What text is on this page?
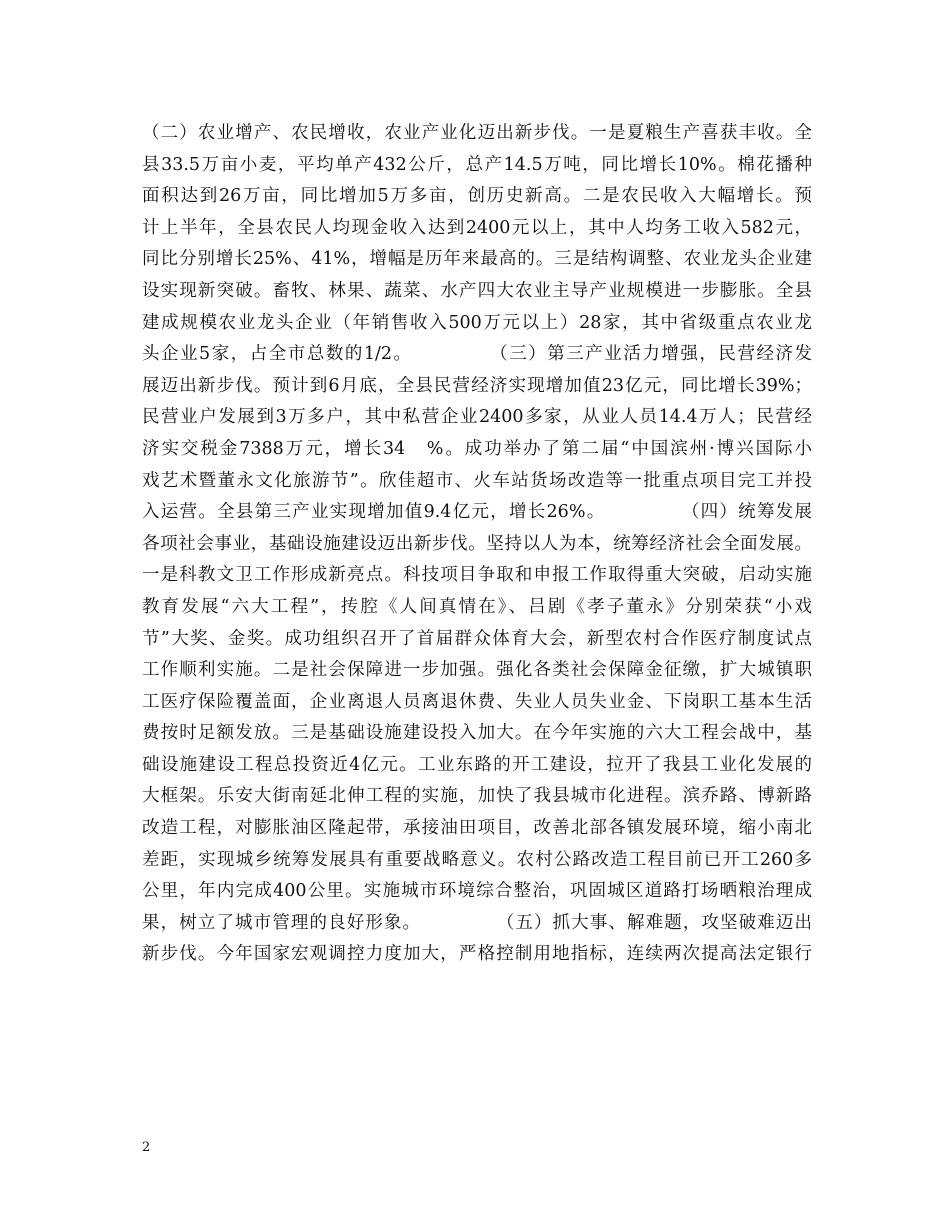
（二）农业增产、农民增收，农业产业化迈出新步伐。一是夏粮生产喜获丰收。全
县33.5万亩小麦，平均单产432公斤，总产14.5万吨，同比增长10%。棉花播种
面积达到26万亩，同比增加5万多亩，创历史新高。二是农民收入大幅增长。预
计上半年，全县农民人均现金收入达到2400元以上，其中人均务工收入582元，
同比分别增长25%、41%，增幅是历年来最高的。三是结构调整、农业龙头企业建
设实现新突破。畜牧、林果、蔬菜、水产四大农业主导产业规模进一步膨胀。全县
建成规模农业龙头企业（年销售收入500万元以上）28家，其中省级重点农业龙
头企业5家，占全市总数的1/2。　　　　　（三）第三产业活力增强，民营经济发
展迈出新步伐。预计到6月底，全县民营经济实现增加值23亿元，同比增长39%；
民营业户发展到3万多户，其中私营企业2400多家，从业人员14.4万人；民营经
济实交税金7388万元，增长34　%。成功举办了第二届“中国滨州·博兴国际小
戏艺术暨董永文化旅游节”。欣佳超市、火车站货场改造等一批重点项目完工并投
入运营。全县第三产业实现增加值9.4亿元，增长26%。　　　　　（四）统筹发展
各项社会事业，基础设施建设迈出新步伐。坚持以人为本，统筹经济社会全面发展。
一是科教文卫工作形成新亮点。科技项目争取和申报工作取得重大突破，启动实施
教育发展“六大工程”，抟腔《人间真情在》、吕剧《孝子董永》分别荣获“小戏
节”大奖、金奖。成功组织召开了首届群众体育大会，新型农村合作医疗制度试点
工作顺利实施。二是社会保障进一步加强。强化各类社会保障金征缴，扩大城镇职
工医疗保险覆盖面，企业离退人员离退休费、失业人员失业金、下岗职工基本生活
费按时足额发放。三是基础设施建设投入加大。在今年实施的六大工程会战中，基
础设施建设工程总投资近4亿元。工业东路的开工建设，拉开了我县工业化发展的
大框架。乐安大街南延北伸工程的实施，加快了我县城市化进程。滨乔路、博新路
改造工程，对膨胀油区隆起带，承接油田项目，改善北部各镇发展环境，缩小南北
差距，实现城乡统筹发展具有重要战略意义。农村公路改造工程目前已开工260多
公里，年内完成400公里。实施城市环境综合整治，巩固城区道路打场晒粮治理成
果，树立了城市管理的良好形象。　　　　　（五）抓大事、解难题，攻坚破难迈出
新步伐。今年国家宏观调控力度加大，严格控制用地指标，连续两次提高法定银行
2
